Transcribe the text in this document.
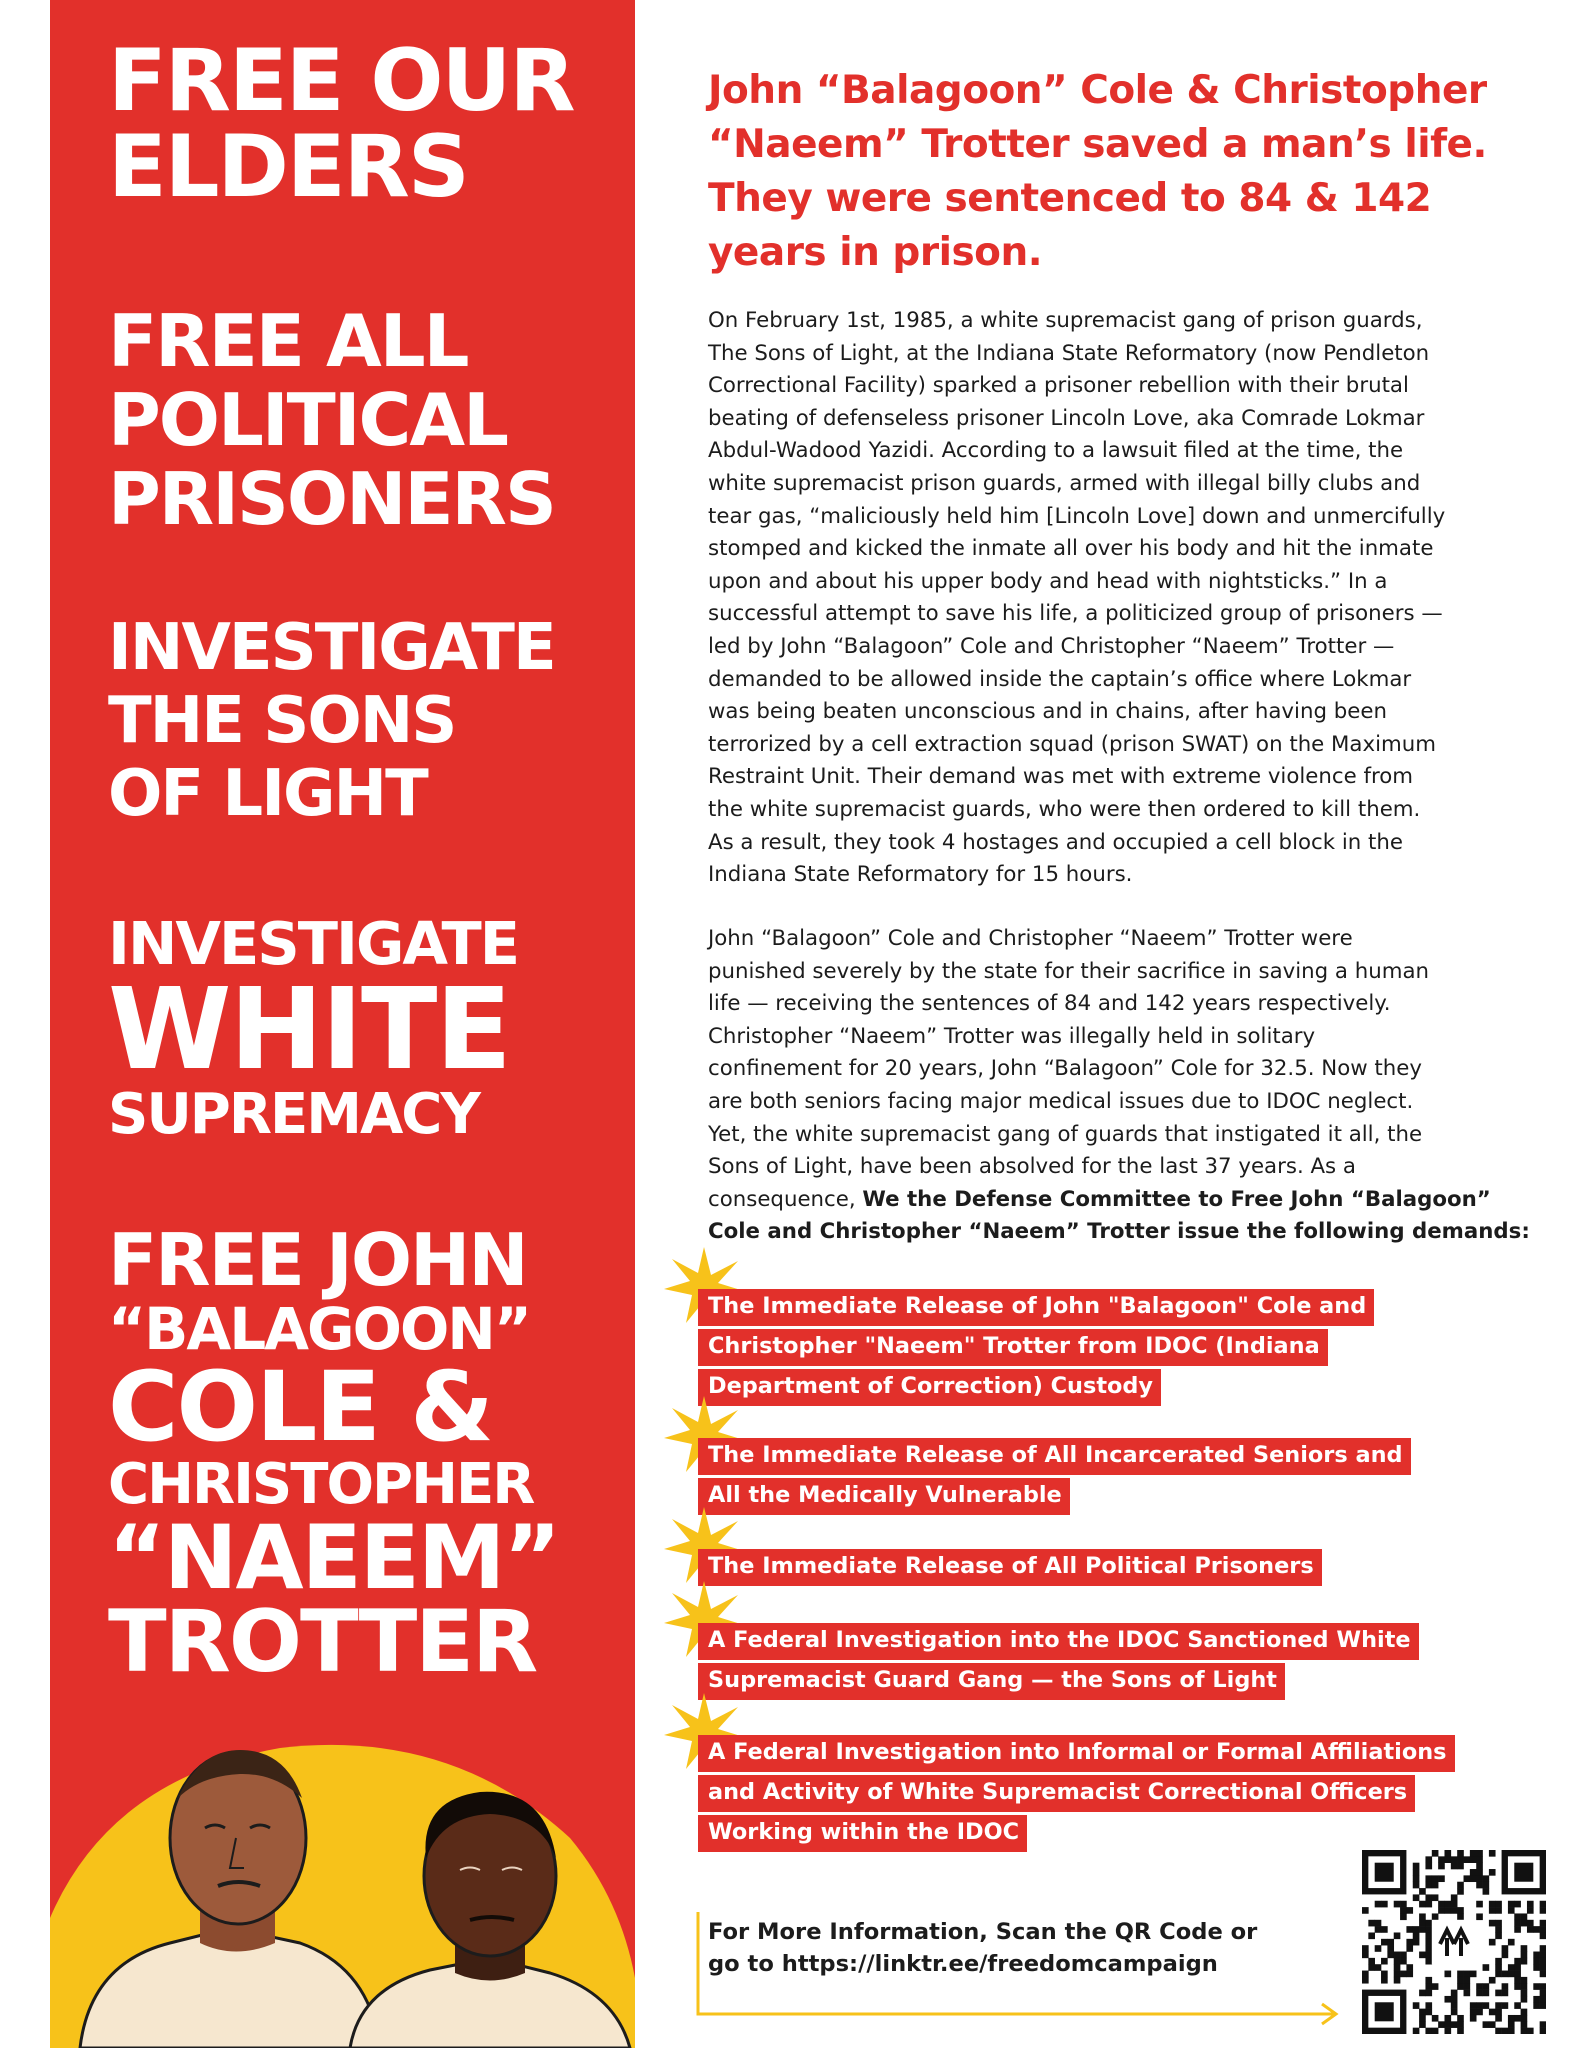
FREE OUR
ELDERS
FREE ALL
POLITICAL
PRISONERS
INVESTIGATE
THE SONS
OF LIGHT
INVESTIGATE
WHITE
SUPREMACY
FREE JOHN
“BALAGOON”
COLE &
CHRISTOPHER
“NAEEM”
TROTTER
John “Balagoon” Cole & Christopher
“Naeem” Trotter saved a man’s life.
They were sentenced to 84 & 142
years in prison.
On February 1st, 1985, a white supremacist gang of prison guards,
The Sons of Light, at the Indiana State Reformatory (now Pendleton
Correctional Facility) sparked a prisoner rebellion with their brutal
beating of defenseless prisoner Lincoln Love, aka Comrade Lokmar
Abdul-Wadood Yazidi. According to a lawsuit filed at the time, the
white supremacist prison guards, armed with illegal billy clubs and
tear gas, “maliciously held him [Lincoln Love] down and unmercifully
stomped and kicked the inmate all over his body and hit the inmate
upon and about his upper body and head with nightsticks.” In a
successful attempt to save his life, a politicized group of prisoners —
led by John “Balagoon” Cole and Christopher “Naeem” Trotter —
demanded to be allowed inside the captain’s office where Lokmar
was being beaten unconscious and in chains, after having been
terrorized by a cell extraction squad (prison SWAT) on the Maximum
Restraint Unit. Their demand was met with extreme violence from
the white supremacist guards, who were then ordered to kill them.
As a result, they took 4 hostages and occupied a cell block in the
Indiana State Reformatory for 15 hours.
John “Balagoon” Cole and Christopher “Naeem” Trotter were
punished severely by the state for their sacrifice in saving a human
life — receiving the sentences of 84 and 142 years respectively.
Christopher “Naeem” Trotter was illegally held in solitary
confinement for 20 years, John “Balagoon” Cole for 32.5. Now they
are both seniors facing major medical issues due to IDOC neglect.
Yet, the white supremacist gang of guards that instigated it all, the
Sons of Light, have been absolved for the last 37 years. As a
consequence, We the Defense Committee to Free John “Balagoon”
Cole and Christopher “Naeem” Trotter issue the following demands:
The Immediate Release of John "Balagoon" Cole and
Christopher "Naeem" Trotter from IDOC (Indiana
Department of Correction) Custody
The Immediate Release of All Incarcerated Seniors and
All the Medically Vulnerable
The Immediate Release of All Political Prisoners
A Federal Investigation into the IDOC Sanctioned White
Supremacist Guard Gang — the Sons of Light
A Federal Investigation into Informal or Formal Affiliations
and Activity of White Supremacist Correctional Officers
Working within the IDOC
For More Information, Scan the QR Code or
go to https://linktr.ee/freedomcampaign
